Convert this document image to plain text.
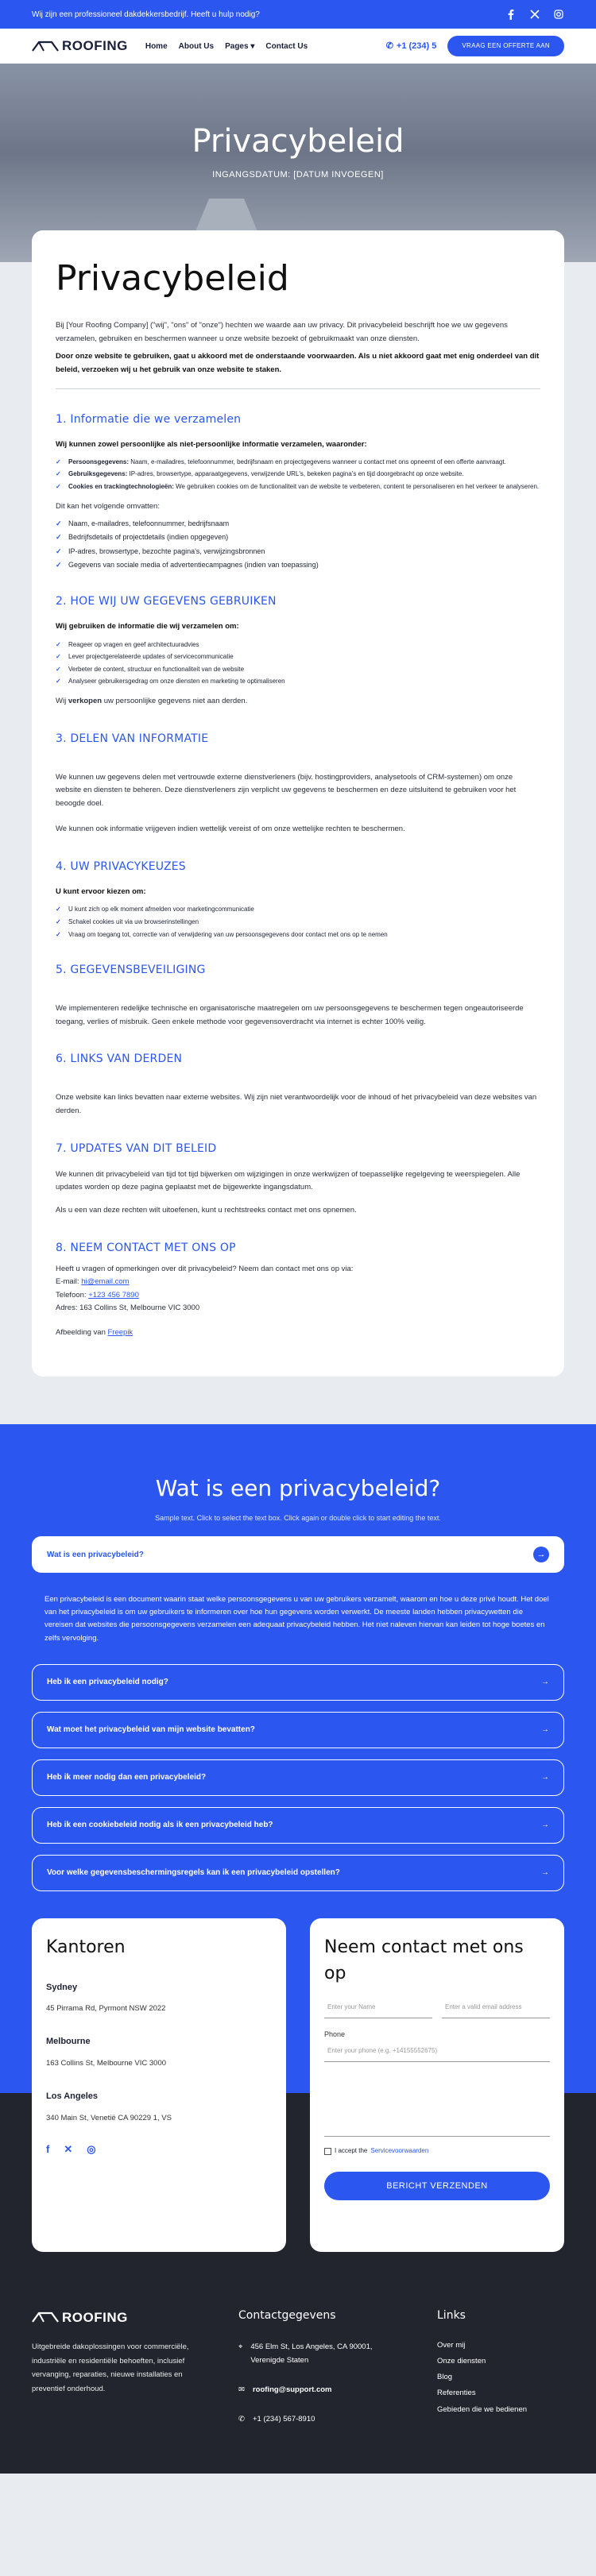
Wij zijn een professioneel dakdekkersbedrijf. Heeft u hulp nodig?
ROOFING Home About Us Pages ▾ Contact Us	✆ +1 (234) 5	VRAAG EEN OFFERTE AAN
Privacybeleid
INGANGSDATUM: [DATUM INVOEGEN]
Privacybeleid

Bij [Your Roofing Company] ("wij", "ons" of "onze") hechten we waarde aan uw privacy. Dit privacybeleid beschrijft hoe we uw gegevens verzamelen, gebruiken en beschermen wanneer u onze website bezoekt of gebruikmaakt van onze diensten.

Door onze website te gebruiken, gaat u akkoord met de onderstaande voorwaarden. Als u niet akkoord gaat met enig onderdeel van dit beleid, verzoeken wij u het gebruik van onze website te staken.

1. Informatie die we verzamelen
Wij kunnen zowel persoonlijke als niet-persoonlijke informatie verzamelen, waaronder:
✓	Persoonsgegevens: Naam, e-mailadres, telefoonnummer, bedrijfsnaam en projectgegevens wanneer u contact met ons opneemt of een offerte aanvraagt.
✓	Gebruiksgegevens: IP-adres, browsertype, apparaatgegevens, verwijzende URL's, bekeken pagina's en tijd doorgebracht op onze website.
✓	Cookies en trackingtechnologieën: We gebruiken cookies om de functionaliteit van de website te verbeteren, content te personaliseren en het verkeer te analyseren.

Dit kan het volgende omvatten:

✓ Naam, e-mailadres, telefoonnummer, bedrijfsnaam
✓ Bedrijfsdetails of projectdetails (indien opgegeven)
✓ IP-adres, browsertype, bezochte pagina's, verwijzingsbronnen
✓ Gegevens van sociale media of advertentiecampagnes (indien van toepassing)
2. HOE WIJ UW GEGEVENS GEBRUIKEN
Wij gebruiken de informatie die wij verzamelen om:
✓	Reageer op vragen en geef architectuuradvies
✓	Lever projectgerelateerde updates of servicecommunicatie
✓	Verbeter de content, structuur en functionaliteit van de website
✓	Analyseer gebruikersgedrag om onze diensten en marketing te optimaliseren

Wij verkopen uw persoonlijke gegevens niet aan derden.

3. DELEN VAN INFORMATIE

We kunnen uw gegevens delen met vertrouwde externe dienstverleners (bijv. hostingproviders, analysetools of CRM-systemen) om onze website en diensten te beheren. Deze dienstverleners zijn verplicht uw gegevens te beschermen en deze uitsluitend te gebruiken voor het beoogde doel.

We kunnen ook informatie vrijgeven indien wettelijk vereist of om onze wettelijke rechten te beschermen.

4. UW PRIVACYKEUZES
U kunt ervoor kiezen om:
✓	U kunt zich op elk moment afmelden voor marketingcommunicatie
✓	Schakel cookies uit via uw browserinstellingen
✓	Vraag om toegang tot, correctie van of verwijdering van uw persoonsgegevens door contact met ons op te nemen
5. GEGEVENSBEVEILIGING

We implementeren redelijke technische en organisatorische maatregelen om uw persoonsgegevens te beschermen tegen ongeautoriseerde toegang, verlies of misbruik. Geen enkele methode voor gegevensoverdracht via internet is echter 100% veilig.

6. LINKS VAN DERDEN

Onze website kan links bevatten naar externe websites. Wij zijn niet verantwoordelijk voor de inhoud of het privacybeleid van deze websites van derden.

7. UPDATES VAN DIT BELEID

We kunnen dit privacybeleid van tijd tot tijd bijwerken om wijzigingen in onze werkwijzen of toepasselijke regelgeving te weerspiegelen. Alle updates worden op deze pagina geplaatst met de bijgewerkte ingangsdatum.

Als u een van deze rechten wilt uitoefenen, kunt u rechtstreeks contact met ons opnemen.

8. NEEM CONTACT MET ONS OP

Heeft u vragen of opmerkingen over dit privacybeleid? Neem dan contact met ons op via:

E-mail: hi@email.com

Telefoon: +123 456 7890

Adres: 163 Collins St, Melbourne VIC 3000

Afbeelding van Freepik

Wat is een privacybeleid?
Sample text. Click to select the text box. Click again or double click to start editing the text.
Wat is een privacybeleid?	→
Een privacybeleid is een document waarin staat welke persoonsgegevens u van uw gebruikers verzamelt, waarom en hoe u deze privé houdt. Het doel van het privacybeleid is om uw gebruikers te informeren over hoe hun gegevens worden verwerkt. De meeste landen hebben privacywetten die vereisen dat websites die persoonsgegevens verzamelen een adequaat privacybeleid hebben. Het niet naleven hiervan kan leiden tot hoge boetes en zelfs vervolging.
Heb ik een privacybeleid nodig?	→
Wat moet het privacybeleid van mijn website bevatten?	→
Heb ik meer nodig dan een privacybeleid?	→
Heb ik een cookiebeleid nodig als ik een privacybeleid heb?	→
Voor welke gegevensbeschermingsregels kan ik een privacybeleid opstellen?	→
Kantoren
Sydney

45 Pirrama Rd, Pyrmont NSW 2022

Melbourne

163 Collins St, Melbourne VIC 3000

Los Angeles

340 Main St, Venetië CA 90229 1, VS

f ✕ ◎
Neem contact met ons op
Enter your Name	Enter a valid email address
Phone
Enter your phone (e.g. +14155552675)
I accept the Servicevoorwaarden
BERICHT VERZENDEN
ROOFING

Uitgebreide dakoplossingen voor commerciële, industriële en residentiële behoeften, inclusief vervanging, reparaties, nieuwe installaties en preventief onderhoud.

Contactgegevens
⌖ 456 Elm St, Los Angeles, CA 90001, Verenigde Staten
✉ roofing@support.com
✆ +1 (234) 567-8910
Links
Over mij
Onze diensten
Blog
Referenties
Gebieden die we bedienen
